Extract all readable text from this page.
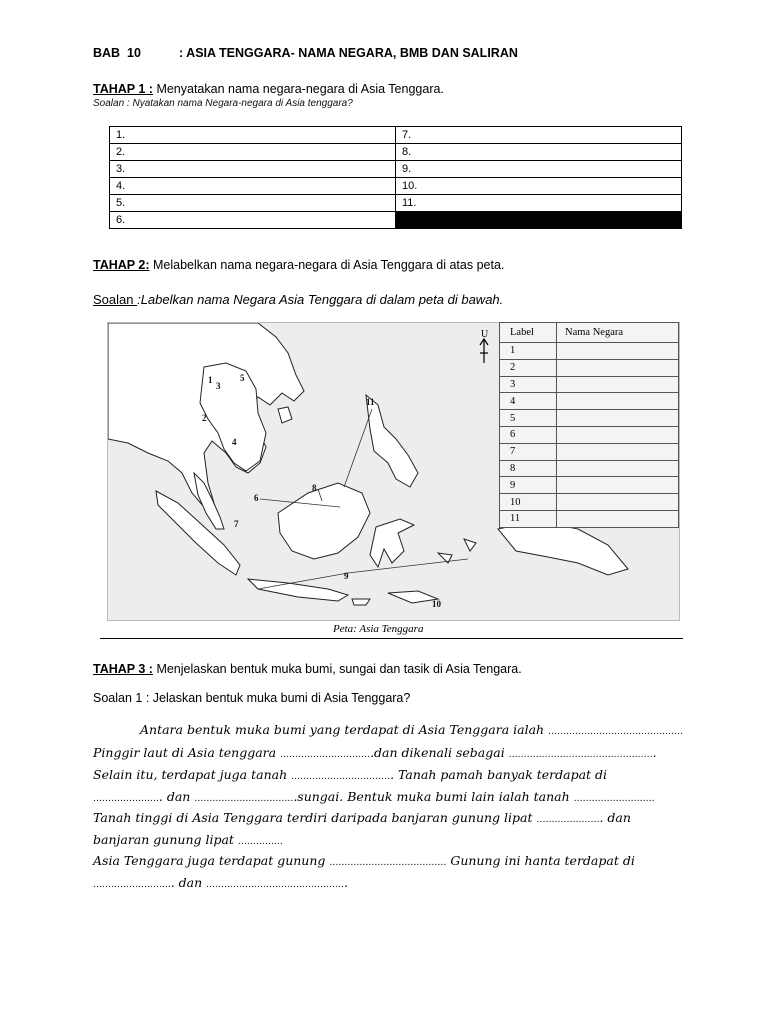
BAB  10	: ASIA TENGGARA- NAMA NEGARA, BMB DAN SALIRAN
TAHAP 1 : Menyatakan nama negara-negara di Asia Tenggara.
Soalan : Nyatakan nama Negara-negara di Asia tenggara?
1.	7.
2.	8.
3.	9.
4.	10.
5.	11.
6.	
TAHAP 2: Melabelkan nama negara-negara di Asia Tenggara di atas peta.
Soalan :Labelkan nama Negara Asia Tenggara di dalam peta di bawah.
1
2
3
4
5
6
7
8
9
10
11
U Label	Nama Negara
1	
2	
3	
4	
5	
6	
7	
8	
9	
10	
11	
Peta: Asia Tenggara
TAHAP 3 : Menjelaskan bentuk muka bumi, sungai dan tasik di Asia Tengara.
Soalan 1 : Jelaskan bentuk muka bumi di Asia Tenggara?
Antara bentuk muka bumi yang terdapat di Asia Tenggara ialah ………………………………………
Pinggir laut di Asia tenggara ………………………….dan dikenali sebagai ………………………………………….
Selain itu, terdapat juga tanah ……………………………. Tanah pamah banyak terdapat di
………………….. dan …………………………….sungai. Bentuk muka bumi lain ialah tanah ………………………
Tanah tinggi di Asia Tenggara terdiri daripada banjaran gunung lipat …………………. dan
banjaran gunung lipat ……………
Asia Tenggara juga terdapat gunung ………………………………… Gunung ini hanta terdapat di
……………………... dan ………………………………………..
